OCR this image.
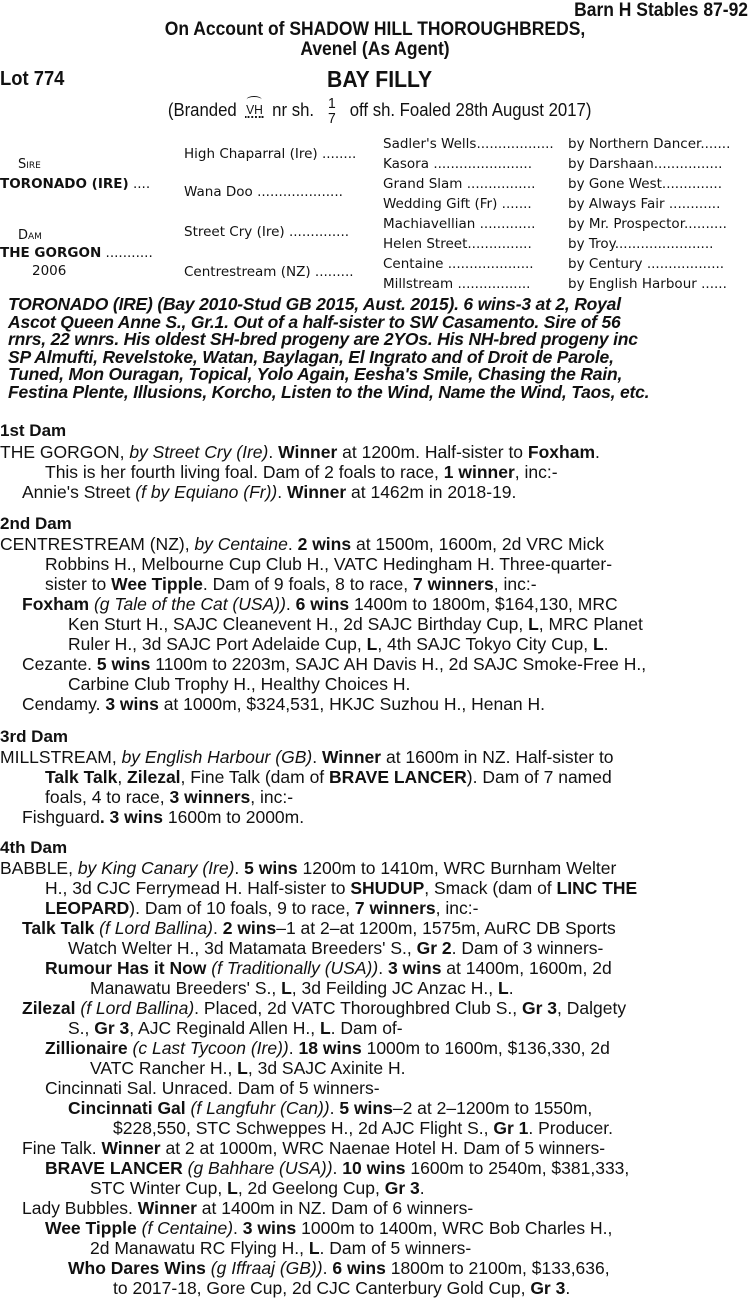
Barn H Stables 87-92
On Account of SHADOW HILL THOROUGHBREDS,
Avenel (As Agent)
Lot 774	BAY FILLY
(Branded VH nr sh. 1
7 off sh. Foaled 28th August 2017)
Sire
TORONADO (IRE) ....
Dam
THE GORGON ...........
2006
High Chaparral (Ire) ........
Wana Doo ....................
Street Cry (Ire) ..............
Centrestream (NZ) .........
Sadler's Wells..................
Kasora .......................
Grand Slam ................
Wedding Gift (Fr) .......
Machiavellian .............
Helen Street...............
Centaine ....................
Millstream .................
by Northern Dancer.......
by Darshaan................
by Gone West..............
by Always Fair ............
by Mr. Prospector..........
by Troy.......................
by Century ..................
by English Harbour ......
TORONADO (IRE) (Bay 2010-Stud GB 2015, Aust. 2015). 6 wins-3 at 2, Royal
Ascot Queen Anne S., Gr.1. Out of a half-sister to SW Casamento. Sire of 56
rnrs, 22 wnrs. His oldest SH-bred progeny are 2YOs. His NH-bred progeny inc
SP Almufti, Revelstoke, Watan, Baylagan, El Ingrato and of Droit de Parole,
Tuned, Mon Ouragan, Topical, Yolo Again, Eesha's Smile, Chasing the Rain,
Festina Plente, Illusions, Korcho, Listen to the Wind, Name the Wind, Taos, etc.
1st Dam
THE GORGON, by Street Cry (Ire). Winner at 1200m. Half-sister to Foxham.
This is her fourth living foal. Dam of 2 foals to race, 1 winner, inc:-
Annie's Street (f by Equiano (Fr)). Winner at 1462m in 2018-19.
2nd Dam
CENTRESTREAM (NZ), by Centaine. 2 wins at 1500m, 1600m, 2d VRC Mick
Robbins H., Melbourne Cup Club H., VATC Hedingham H. Three-quarter-
sister to Wee Tipple. Dam of 9 foals, 8 to race, 7 winners, inc:-
Foxham (g Tale of the Cat (USA)). 6 wins 1400m to 1800m, $164,130, MRC
Ken Sturt H., SAJC Cleanevent H., 2d SAJC Birthday Cup, L, MRC Planet
Ruler H., 3d SAJC Port Adelaide Cup, L, 4th SAJC Tokyo City Cup, L.
Cezante. 5 wins 1100m to 2203m, SAJC AH Davis H., 2d SAJC Smoke-Free H.,
Carbine Club Trophy H., Healthy Choices H.
Cendamy. 3 wins at 1000m, $324,531, HKJC Suzhou H., Henan H.
3rd Dam
MILLSTREAM, by English Harbour (GB). Winner at 1600m in NZ. Half-sister to
Talk Talk, Zilezal, Fine Talk (dam of BRAVE LANCER). Dam of 7 named
foals, 4 to race, 3 winners, inc:-
Fishguard. 3 wins 1600m to 2000m.
4th Dam
BABBLE, by King Canary (Ire). 5 wins 1200m to 1410m, WRC Burnham Welter
H., 3d CJC Ferrymead H. Half-sister to SHUDUP, Smack (dam of LINC THE
LEOPARD). Dam of 10 foals, 9 to race, 7 winners, inc:-
Talk Talk (f Lord Ballina). 2 wins–1 at 2–at 1200m, 1575m, AuRC DB Sports
Watch Welter H., 3d Matamata Breeders' S., Gr 2. Dam of 3 winners-
Rumour Has it Now (f Traditionally (USA)). 3 wins at 1400m, 1600m, 2d
Manawatu Breeders' S., L, 3d Feilding JC Anzac H., L.
Zilezal (f Lord Ballina). Placed, 2d VATC Thoroughbred Club S., Gr 3, Dalgety
S., Gr 3, AJC Reginald Allen H., L. Dam of-
Zillionaire (c Last Tycoon (Ire)). 18 wins 1000m to 1600m, $136,330, 2d
VATC Rancher H., L, 3d SAJC Axinite H.
Cincinnati Sal. Unraced. Dam of 5 winners-
Cincinnati Gal (f Langfuhr (Can)). 5 wins–2 at 2–1200m to 1550m,
$228,550, STC Schweppes H., 2d AJC Flight S., Gr 1. Producer.
Fine Talk. Winner at 2 at 1000m, WRC Naenae Hotel H. Dam of 5 winners-
BRAVE LANCER (g Bahhare (USA)). 10 wins 1600m to 2540m, $381,333,
STC Winter Cup, L, 2d Geelong Cup, Gr 3.
Lady Bubbles. Winner at 1400m in NZ. Dam of 6 winners-
Wee Tipple (f Centaine). 3 wins 1000m to 1400m, WRC Bob Charles H.,
2d Manawatu RC Flying H., L. Dam of 5 winners-
Who Dares Wins (g Iffraaj (GB)). 6 wins 1800m to 2100m, $133,636,
to 2017-18, Gore Cup, 2d CJC Canterbury Gold Cup, Gr 3.
